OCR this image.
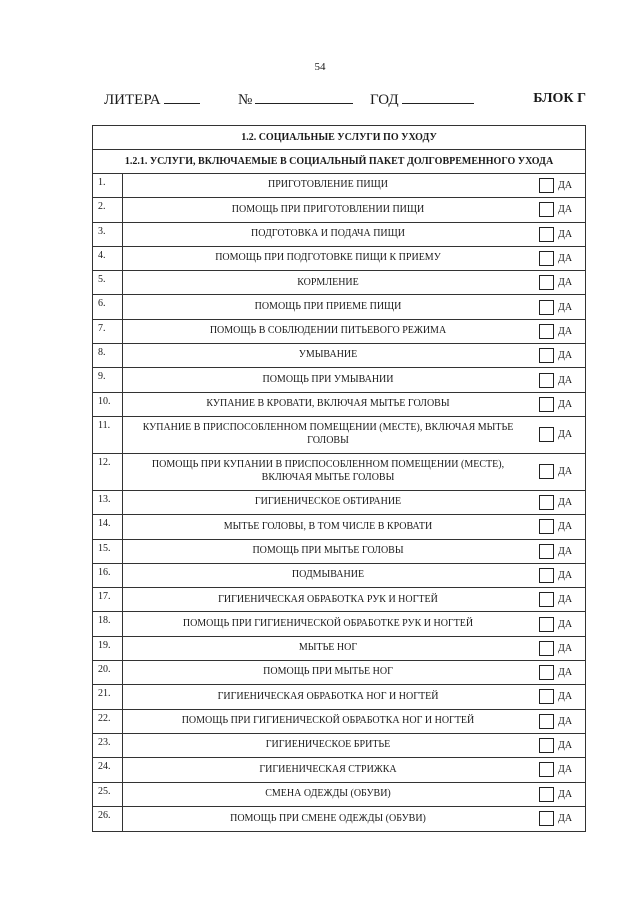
54
ЛИТЕРА	№	ГОД	БЛОК Г
1.2. СОЦИАЛЬНЫЕ УСЛУГИ ПО УХОДУ
1.2.1. УСЛУГИ, ВКЛЮЧАЕМЫЕ В СОЦИАЛЬНЫЙ ПАКЕТ ДОЛГОВРЕМЕННОГО УХОДА
1.	ПРИГОТОВЛЕНИЕ ПИЩИ	ДА
2.	ПОМОЩЬ ПРИ ПРИГОТОВЛЕНИИ ПИЩИ	ДА
3.	ПОДГОТОВКА И ПОДАЧА ПИЩИ	ДА
4.	ПОМОЩЬ ПРИ ПОДГОТОВКЕ ПИЩИ К ПРИЕМУ	ДА
5.	КОРМЛЕНИЕ	ДА
6.	ПОМОЩЬ ПРИ ПРИЕМЕ ПИЩИ	ДА
7.	ПОМОЩЬ В СОБЛЮДЕНИИ ПИТЬЕВОГО РЕЖИМА	ДА
8.	УМЫВАНИЕ	ДА
9.	ПОМОЩЬ ПРИ УМЫВАНИИ	ДА
10.	КУПАНИЕ В КРОВАТИ, ВКЛЮЧАЯ МЫТЬЕ ГОЛОВЫ	ДА
11.	КУПАНИЕ В ПРИСПОСОБЛЕННОМ ПОМЕЩЕНИИ (МЕСТЕ), ВКЛЮЧАЯ МЫТЬЕ ГОЛОВЫ	ДА
12.	ПОМОЩЬ ПРИ КУПАНИИ В ПРИСПОСОБЛЕННОМ ПОМЕЩЕНИИ (МЕСТЕ), ВКЛЮЧАЯ МЫТЬЕ ГОЛОВЫ	ДА
13.	ГИГИЕНИЧЕСКОЕ ОБТИРАНИЕ	ДА
14.	МЫТЬЕ ГОЛОВЫ, В ТОМ ЧИСЛЕ В КРОВАТИ	ДА
15.	ПОМОЩЬ ПРИ МЫТЬЕ ГОЛОВЫ	ДА
16.	ПОДМЫВАНИЕ	ДА
17.	ГИГИЕНИЧЕСКАЯ ОБРАБОТКА РУК И НОГТЕЙ	ДА
18.	ПОМОЩЬ ПРИ ГИГИЕНИЧЕСКОЙ ОБРАБОТКЕ РУК И НОГТЕЙ	ДА
19.	МЫТЬЕ НОГ	ДА
20.	ПОМОЩЬ ПРИ МЫТЬЕ НОГ	ДА
21.	ГИГИЕНИЧЕСКАЯ ОБРАБОТКА НОГ И НОГТЕЙ	ДА
22.	ПОМОЩЬ ПРИ ГИГИЕНИЧЕСКОЙ ОБРАБОТКА НОГ И НОГТЕЙ	ДА
23.	ГИГИЕНИЧЕСКОЕ БРИТЬЕ	ДА
24.	ГИГИЕНИЧЕСКАЯ СТРИЖКА	ДА
25.	СМЕНА ОДЕЖДЫ (ОБУВИ)	ДА
26.	ПОМОЩЬ ПРИ СМЕНЕ ОДЕЖДЫ (ОБУВИ)	ДА
